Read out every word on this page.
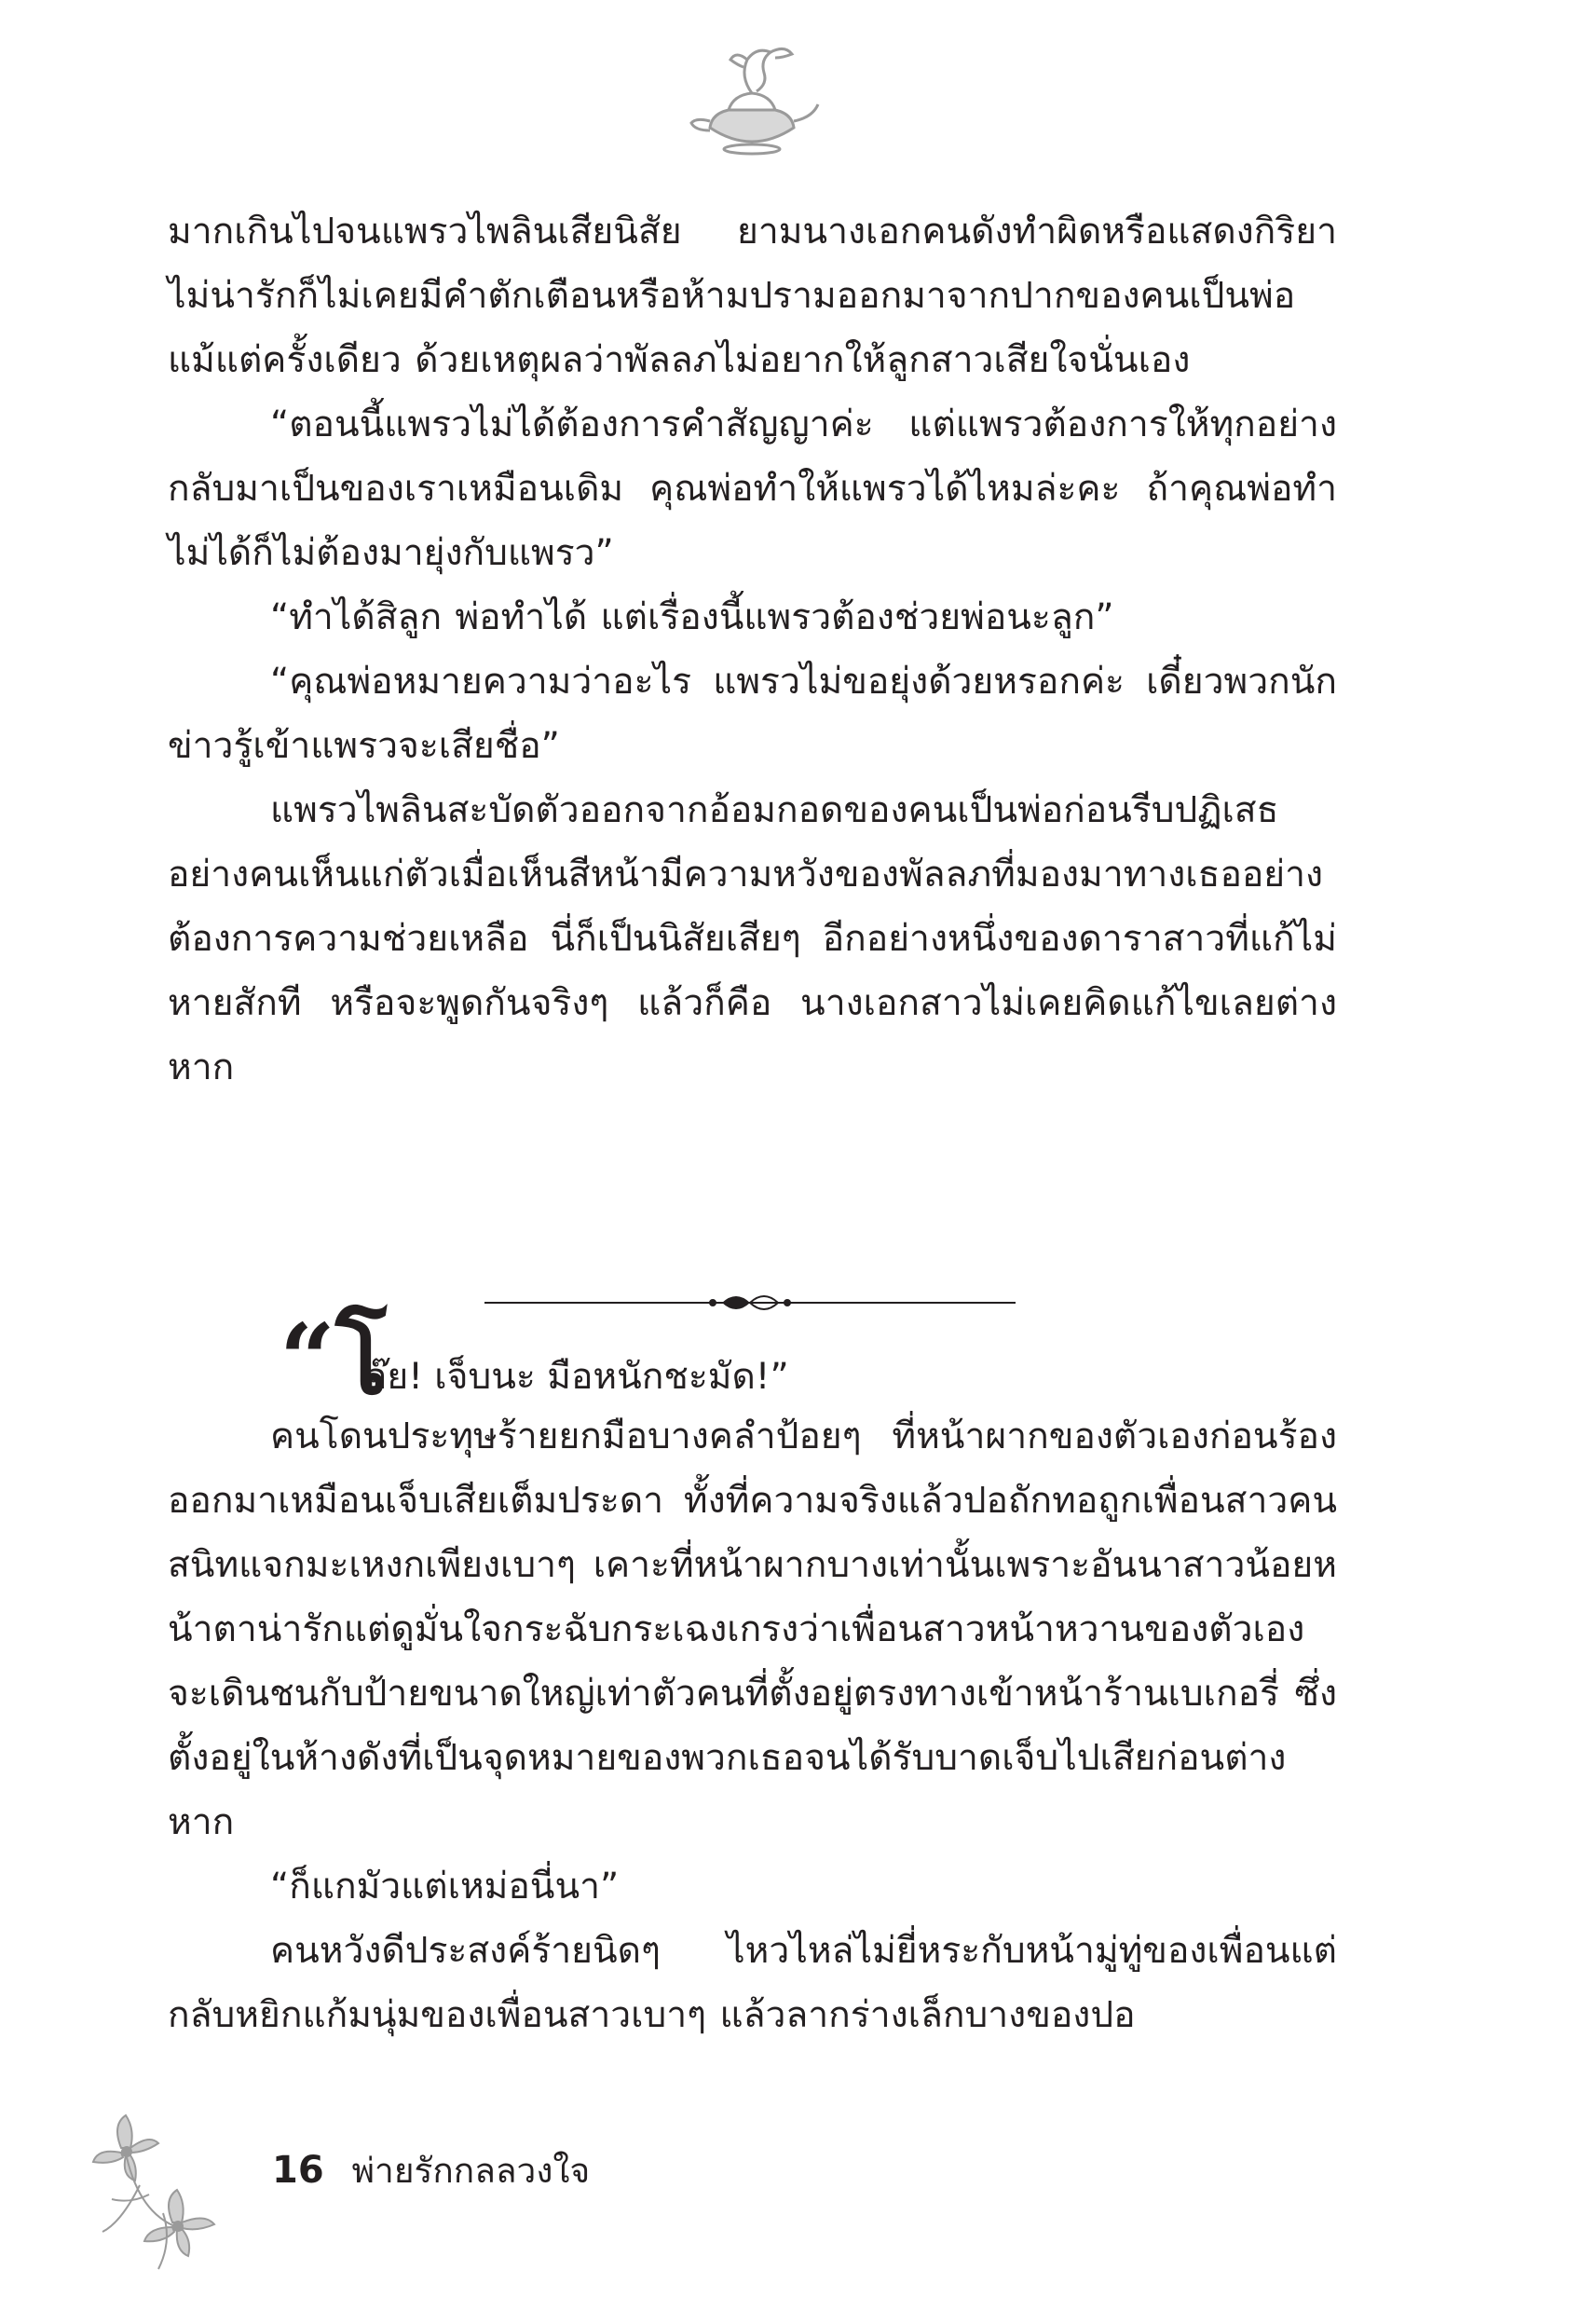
มากเกินไปจนแพรวไพลินเสียนิสัย ยามนางเอกคนดังทำผิดหรือแสดงกิริยาไม่น่ารักก็ไม่เคยมีคำตักเตือนหรือห้ามปรามออกมาจากปากของคนเป็นพ่อแม้แต่ครั้งเดียว ด้วยเหตุผลว่าพัลลภไม่อยากให้ลูกสาวเสียใจนั่นเอง

“ตอนนี้แพรวไม่ได้ต้องการคำสัญญาค่ะ แต่แพรวต้องการให้ทุกอย่างกลับมาเป็นของเราเหมือนเดิม คุณพ่อทำให้แพรวได้ไหมล่ะคะ ถ้าคุณพ่อทำไม่ได้ก็ไม่ต้องมายุ่งกับแพรว”

“ทำได้สิลูก พ่อทำได้ แต่เรื่องนี้แพรวต้องช่วยพ่อนะลูก”

“คุณพ่อหมายความว่าอะไร แพรวไม่ขอยุ่งด้วยหรอกค่ะ เดี๋ยวพวกนักข่าวรู้เข้าแพรวจะเสียชื่อ”

แพรวไพลินสะบัดตัวออกจากอ้อมกอดของคนเป็นพ่อก่อนรีบปฏิเสธอย่างคนเห็นแก่ตัวเมื่อเห็นสีหน้ามีความหวังของพัลลภที่มองมาทางเธออย่างต้องการความช่วยเหลือ นี่ก็เป็นนิสัยเสียๆ อีกอย่างหนึ่งของดาราสาวที่แก้ไม่หายสักที หรือจะพูดกันจริงๆ แล้วก็คือ นางเอกสาวไม่เคยคิดแก้ไขเลยต่างหาก

“โ
อ๊ย! เจ็บนะ มือหนักชะมัด!”

คนโดนประทุษร้ายยกมือบางคลำป้อยๆ ที่หน้าผากของตัวเองก่อนร้องออกมาเหมือนเจ็บเสียเต็มประดา ทั้งที่ความจริงแล้วปอถักทอถูกเพื่อนสาวคนสนิทแจกมะเหงกเพียงเบาๆ เคาะที่หน้าผากบางเท่านั้นเพราะอันนาสาวน้อยหน้าตาน่ารักแต่ดูมั่นใจกระฉับกระเฉงเกรงว่าเพื่อนสาวหน้าหวานของตัวเองจะเดินชนกับป้ายขนาดใหญ่เท่าตัวคนที่ตั้งอยู่ตรงทางเข้าหน้าร้านเบเกอรี่ ซึ่งตั้งอยู่ในห้างดังที่เป็นจุดหมายของพวกเธอจนได้รับบาดเจ็บไปเสียก่อนต่างหาก

“ก็แกมัวแต่เหม่อนี่นา”

คนหวังดีประสงค์ร้ายนิดๆ ไหวไหล่ไม่ยี่หระกับหน้ามู่ทู่ของเพื่อนแต่กลับหยิกแก้มนุ่มของเพื่อนสาวเบาๆ แล้วลากร่างเล็กบางของปอ

16 พ่ายรักกลลวงใจ
